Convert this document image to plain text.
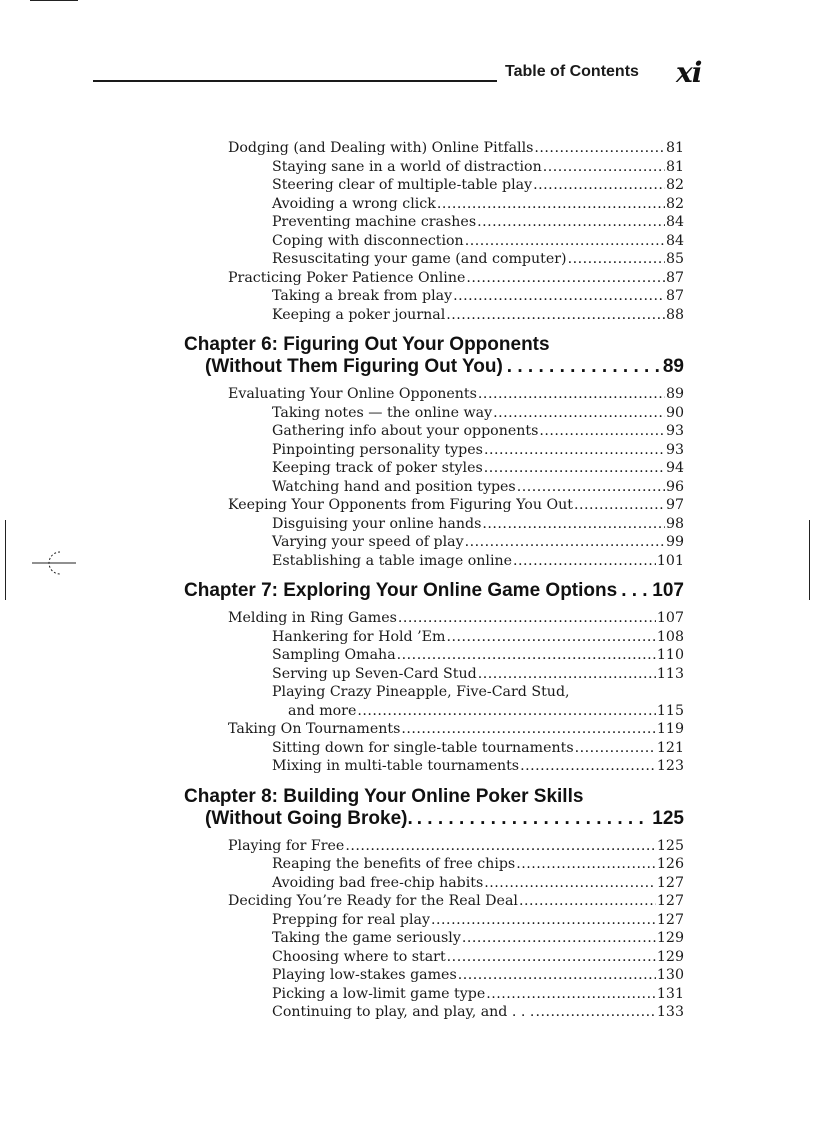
Table of Contents xi
Dodging (and Dealing with) Online Pitfalls .....	81
Staying sane in a world of distraction .....	81
Steering clear of multiple-table play .....	82
Avoiding a wrong click .....	82
Preventing machine crashes .....	84
Coping with disconnection .....	84
Resuscitating your game (and computer) .....	85
Practicing Poker Patience Online .....	87
Taking a break from play .....	87
Keeping a poker journal .....	88
Chapter 6: Figuring Out Your Opponents
(Without Them Figuring Out You) . . .	89
Evaluating Your Online Opponents .....	89
Taking notes — the online way .....	90
Gathering info about your opponents .....	93
Pinpointing personality types .....	93
Keeping track of poker styles .....	94
Watching hand and position types .....	96
Keeping Your Opponents from Figuring You Out .....	97
Disguising your online hands .....	98
Varying your speed of play .....	99
Establishing a table image online .....	101
Chapter 7: Exploring Your Online Game Options . . . 107
Melding in Ring Games .....	107
Hankering for Hold ’Em .....	108
Sampling Omaha .....	110
Serving up Seven-Card Stud .....	113
Playing Crazy Pineapple, Five-Card Stud,
and more .....	115
Taking On Tournaments .....	119
Sitting down for single-table tournaments .....	121
Mixing in multi-table tournaments .....	123
Chapter 8: Building Your Online Poker Skills
(Without Going Broke). . . .	125
Playing for Free .....	125
Reaping the benefits of free chips .....	126
Avoiding bad free-chip habits .....	127
Deciding You’re Ready for the Real Deal .....	127
Prepping for real play .....	127
Taking the game seriously .....	129
Choosing where to start .....	129
Playing low-stakes games .....	130
Picking a low-limit game type .....	131
Continuing to play, and play, and . . . .....	133
